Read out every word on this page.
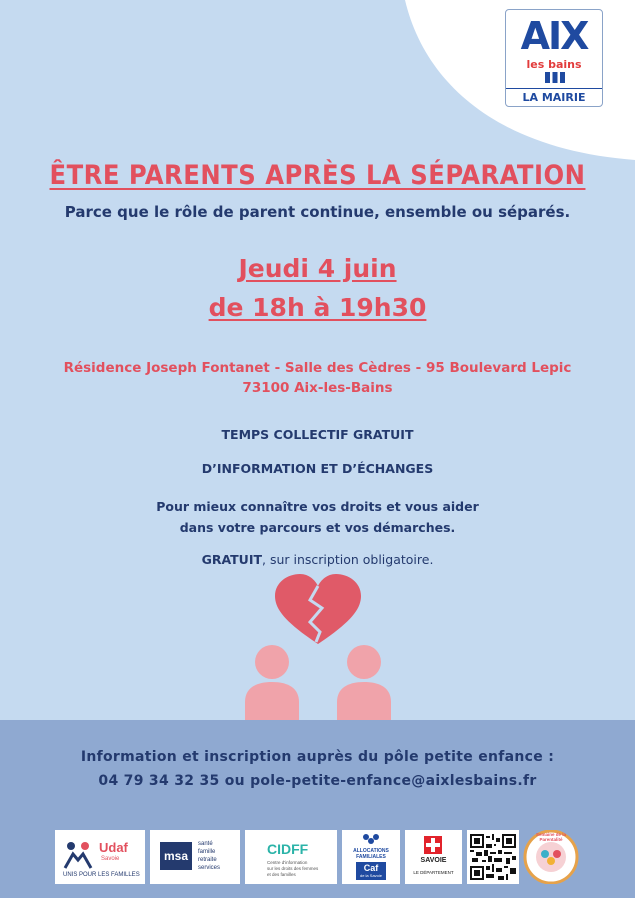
AIX
les bains
LA MAIRIE
ÊTRE PARENTS APRÈS LA SÉPARATION
Parce que le rôle de parent continue, ensemble ou séparés.
Jeudi 4 juin
de 18h à 19h30
Résidence Joseph Fontanet - Salle des Cèdres - 95 Boulevard Lepic
73100 Aix-les-Bains
TEMPS COLLECTIF GRATUIT
D’INFORMATION ET D’ÉCHANGES
Pour mieux connaître vos droits et vous aider
dans votre parcours et vos démarches.
GRATUIT, sur inscription obligatoire.
Information et inscription auprès du pôle petite enfance :
04 79 34 32 35 ou pole-petite-enfance@aixlesbains.fr
Udaf
Savoie
UNIS POUR LES FAMILLES
msa
santé
famille
retraite
services
CIDFF
Centre d'information
sur les droits des femmes
et des familles
ALLOCATIONS
FAMILIALES
Caf
de la Savoie
SAVOIE
LE DÉPARTEMENT
Semaine de la Parentalité
